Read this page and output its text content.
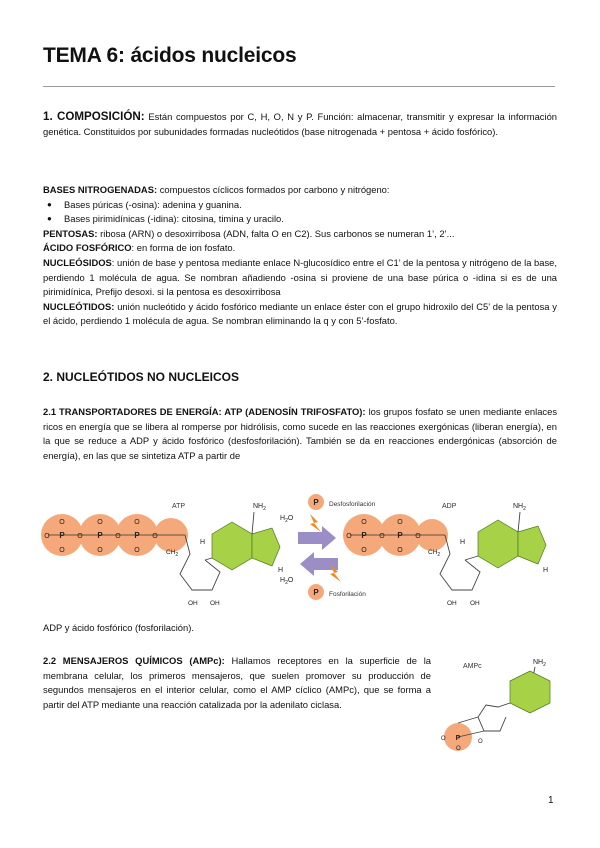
TEMA 6: ácidos nucleicos
1. COMPOSICIÓN: Están compuestos por C, H, O, N y P. Función: almacenar, transmitir y expresar la información genética. Constituidos por subunidades formadas nucleótidos (base nitrogenada + pentosa + ácido fosfórico).
BASES NITROGENADAS: compuestos cíclicos formados por carbono y nitrógeno:
● Bases púricas (-osina): adenina y guanina.
● Bases pirimidínicas (-idina): citosina, timina y uracilo.
PENTOSAS: ribosa (ARN) o desoxirribosa (ADN, falta O en C2). Sus carbonos se numeran 1’, 2’...
ÁCIDO FOSFÓRICO: en forma de ion fosfato.
NUCLEÓSIDOS: unión de base y pentosa mediante enlace N-glucosídico entre el C1’ de la pentosa y nitrógeno de la base, perdiendo 1 molécula de agua. Se nombran añadiendo -osina si proviene de una base púrica o -idina si es de una pirimidínica, Prefijo desoxi. si la pentosa es desoxirribosa
NUCLEÓTIDOS: unión nucleótido y ácido fosfórico mediante un enlace éster con el grupo hidroxilo del C5’ de la pentosa y el ácido, perdiendo 1 molécula de agua. Se nombran eliminando la q y con 5’-fosfato.
2. NUCLEÓTIDOS NO NUCLEICOS
2.1 TRANSPORTADORES DE ENERGÍA: ATP (ADENOSÍN TRIFOSFATO): los grupos fosfato se unen mediante enlaces ricos en energía que se libera al romperse por hidrólisis, como sucede en las reacciones exergónicas (liberan energía), en la que se reduce a ADP y ácido fosfórico (desfosforilación). También se da en reacciones endergónicas (absorción de energía), en las que se sintetiza ATP a partir de
P	P	P
O	O	O
O	O	O
O	O	O
O
ATP
$CH_2$
OH OH
$NH_2$
H
H
$H_2O$
P Desfosforilación
$H_2O$
P Fosforilación
P	P
O	O
O	O
O	O
O
ADP
$CH_2$
OH OH
$NH_2$
H
H
ADP y ácido fosfórico (fosforilación).
2.2 MENSAJEROS QUÍMICOS (AMPc): Hallamos receptores en la superficie de la membrana celular, los primeros mensajeros, que suelen promover su producción de segundos mensajeros en el interior celular, como el AMP cíclico (AMPc), que se forma a partir del ATP mediante una reacción catalizada por la adenilato ciclasa.
AMPc
$NH_2$
P
O
O
O
1
